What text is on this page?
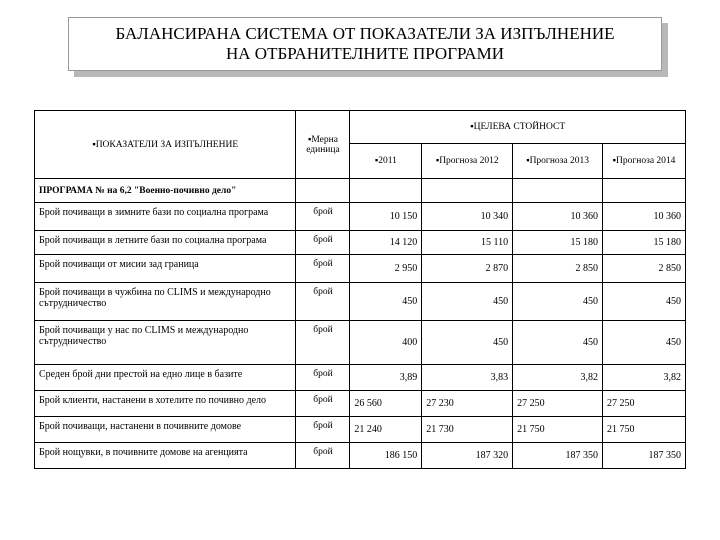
БАЛАНСИРАНА СИСТЕМА ОТ ПОКАЗАТЕЛИ ЗА ИЗПЪЛНЕНИЕ
НА ОТБРАНИТЕЛНИТЕ ПРОГРАМИ
▪ПОКАЗАТЕЛИ ЗА ИЗПЪЛНЕНИЕ	▪Мерна единица	▪ЦЕЛЕВА СТОЙНОСТ			
		▪2011	▪Прогноза 2012	▪Прогноза 2013	▪Прогноза 2014
ПРОГРАМА № на 6,2 "Военно-почивно дело"					
Брой почиващи в зимните бази по социална програма	брой	10 150	10 340	10 360	10 360
Брой почиващи в летните бази по социална програма	брой	14 120	15 110	15 180	15 180
Брой почиващи от мисии зад граница	брой	2 950	2 870	2 850	2 850
Брой почиващи в чужбина по CLIMS и международно сътрудничество	брой	450	450	450	450
Брой почиващи у нас по CLIMS и международно сътрудничество	брой	400	450	450	450
Среден брой дни престой на едно лице в базите	брой	3,89	3,83	3,82	3,82
Брой клиенти, настанени в хотелите по почивно дело	брой	26 560	27 230	27 250	27 250
Брой почиващи, настанени в почивните домове	брой	21 240	21 730	21 750	21 750
Брой нощувки, в почивните домове на агенцията	брой	186 150	187 320	187 350	187 350
